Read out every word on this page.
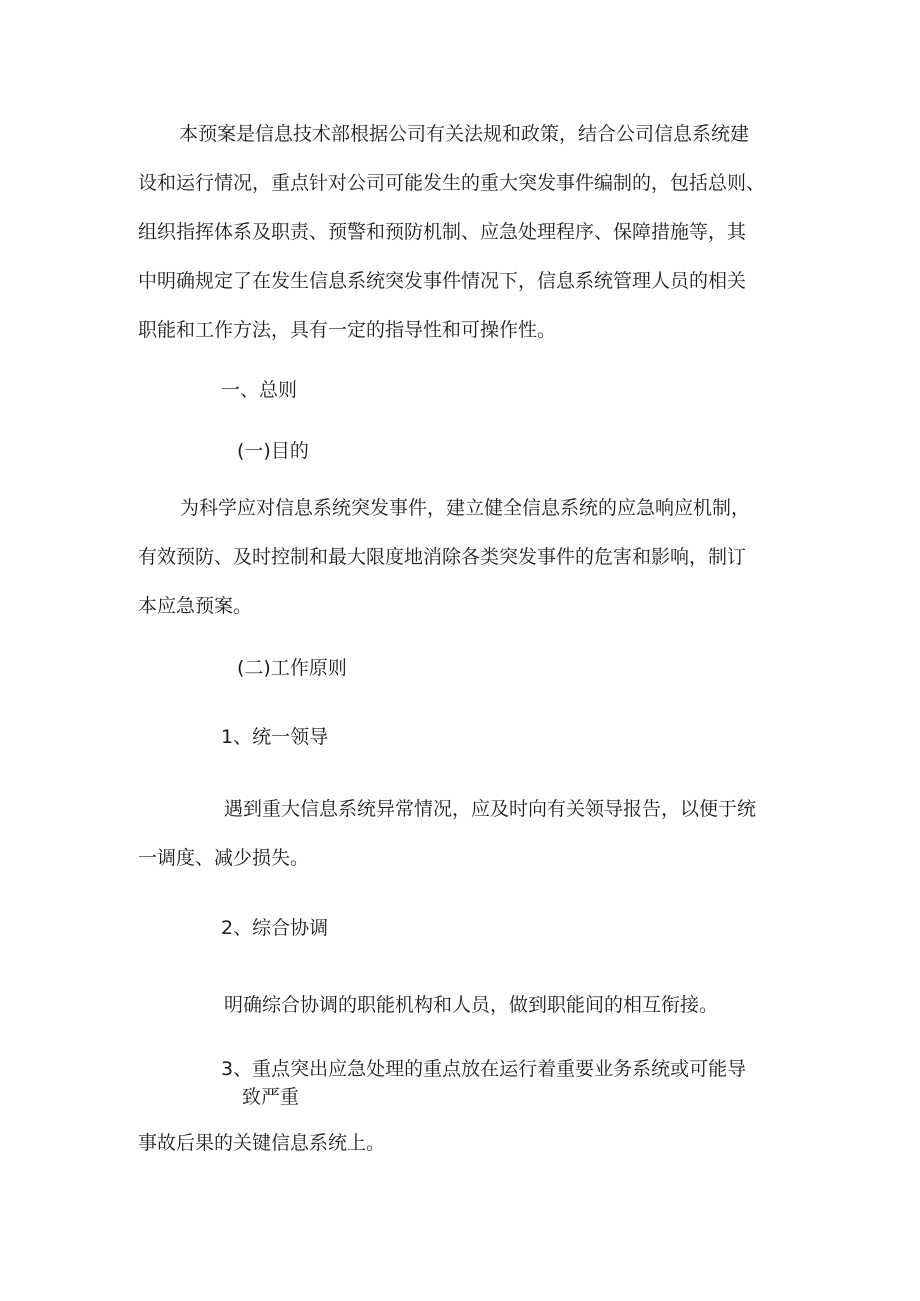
本预案是信息技术部根据公司有关法规和政策，结合公司信息系统建
设和运行情况，重点针对公司可能发生的重大突发事件编制的，包括总则、
组织指挥体系及职责、预警和预防机制、应急处理程序、保障措施等，其
中明确规定了在发生信息系统突发事件情况下，信息系统管理人员的相关
职能和工作方法，具有一定的指导性和可操作性。
一、总则
(一)目的
为科学应对信息系统突发事件，建立健全信息系统的应急响应机制，
有效预防、及时控制和最大限度地消除各类突发事件的危害和影响，制订
本应急预案。
(二)工作原则
1、统一领导
遇到重大信息系统异常情况，应及时向有关领导报告，以便于统
一调度、减少损失。
2、综合协调
明确综合协调的职能机构和人员，做到职能间的相互衔接。
3、重点突出应急处理的重点放在运行着重要业务系统或可能导
致严重
事故后果的关键信息系统上。
